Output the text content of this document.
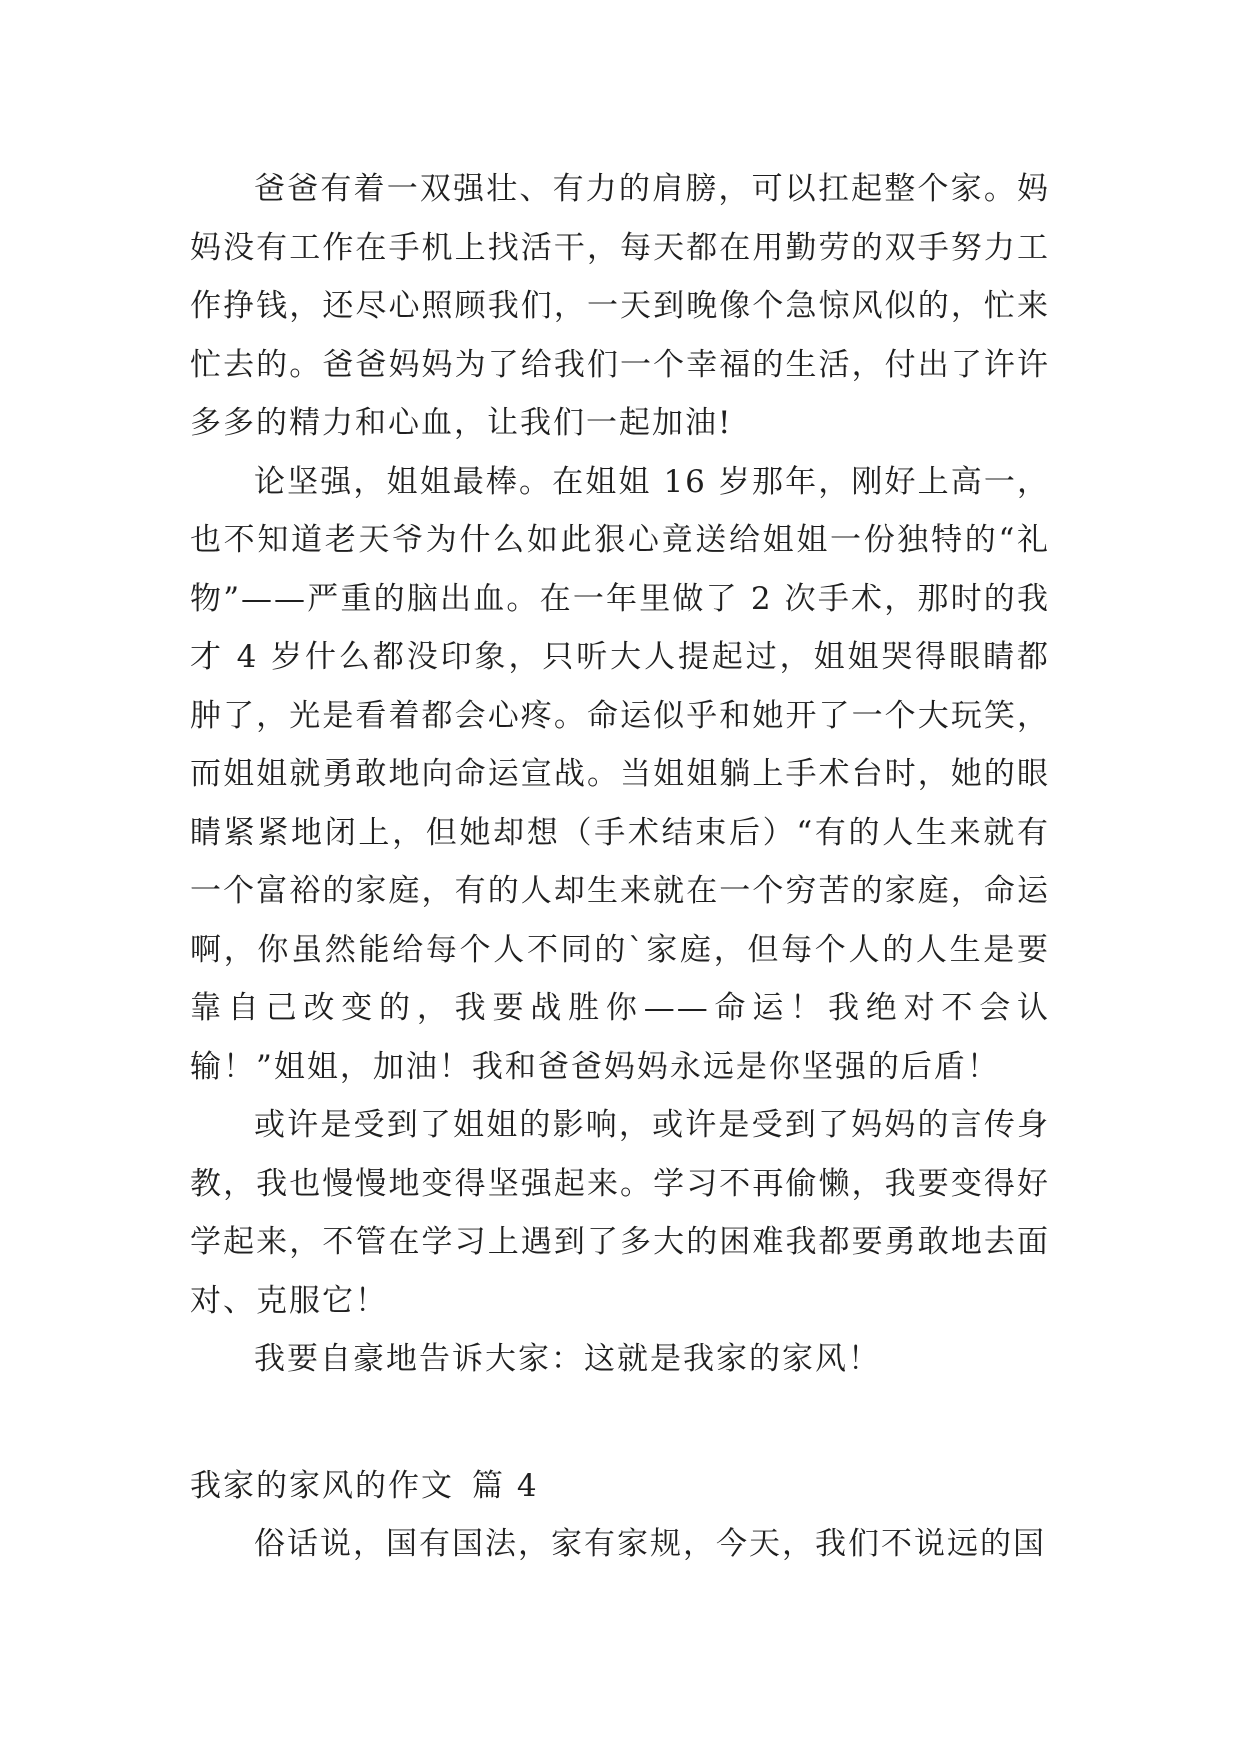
爸爸有着一双强壮、有力的肩膀，可以扛起整个家。妈妈没有工作在手机上找活干，每天都在用勤劳的双手努力工作挣钱，还尽心照顾我们，一天到晚像个急惊风似的，忙来忙去的。爸爸妈妈为了给我们一个幸福的生活，付出了许许多多的精力和心血，让我们一起加油!

论坚强，姐姐最棒。在姐姐 16 岁那年，刚好上高一，也不知道老天爷为什么如此狠心竟送给姐姐一份独特的“礼物”——严重的脑出血。在一年里做了 2 次手术，那时的我才 4 岁什么都没印象，只听大人提起过，姐姐哭得眼睛都肿了，光是看着都会心疼。命运似乎和她开了一个大玩笑，而姐姐就勇敢地向命运宣战。当姐姐躺上手术台时，她的眼睛紧紧地闭上，但她却想（手术结束后）“有的人生来就有一个富裕的家庭，有的人却生来就在一个穷苦的家庭，命运啊，你虽然能给每个人不同的`家庭，但每个人的人生是要靠自己改变的，我要战胜你——命运！我绝对不会认输！”姐姐，加油！我和爸爸妈妈永远是你坚强的后盾！

或许是受到了姐姐的影响，或许是受到了妈妈的言传身教，我也慢慢地变得坚强起来。学习不再偷懒，我要变得好学起来，不管在学习上遇到了多大的困难我都要勇敢地去面对、克服它！

我要自豪地告诉大家：这就是我家的家风！

我家的家风的作文 篇 4

俗话说，国有国法，家有家规，今天，我们不说远的国
